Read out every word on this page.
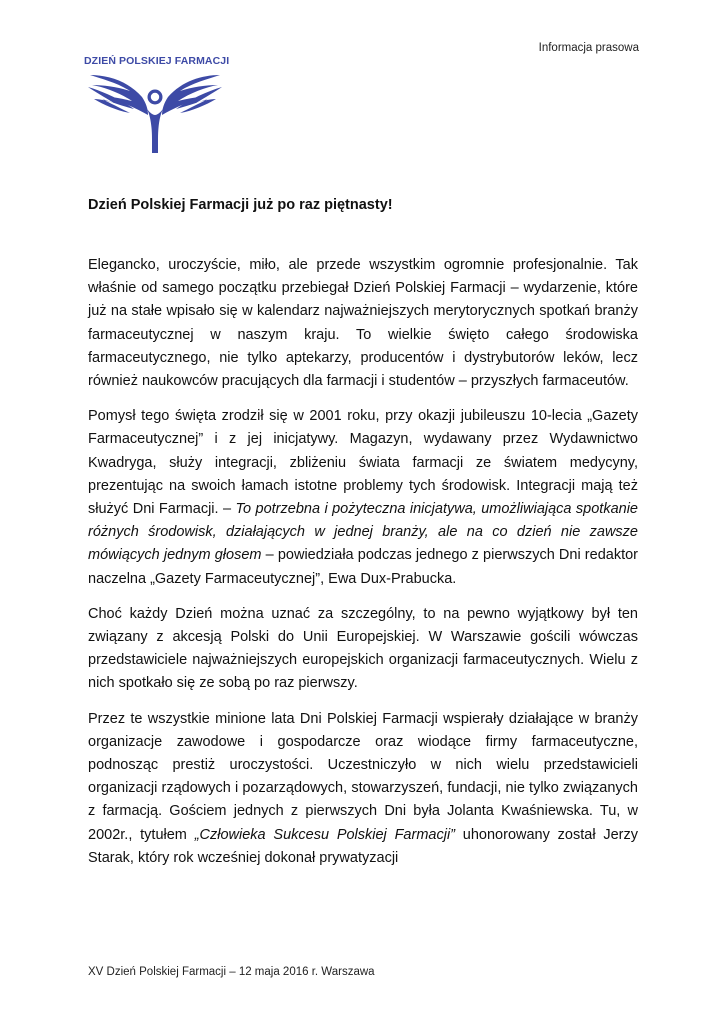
Informacja prasowa
DZIEŃ POLSKIEJ FARMACJI
Dzień Polskiej Farmacji już po raz piętnasty!

Elegancko, uroczyście, miło, ale przede wszystkim ogromnie profesjonalnie. Tak właśnie od samego początku przebiegał Dzień Polskiej Farmacji – wydarzenie, które już na stałe wpisało się w kalendarz najważniejszych merytorycznych spotkań branży farmaceutycznej w naszym kraju. To wielkie święto całego środowiska farmaceutycznego, nie tylko aptekarzy, producentów i dystrybutorów leków, lecz również naukowców pracujących dla farmacji i studentów – przyszłych farmaceutów.

Pomysł tego święta zrodził się w 2001 roku, przy okazji jubileuszu 10-lecia „Gazety Farmaceutycznej” i z jej inicjatywy. Magazyn, wydawany przez Wydawnictwo Kwadryga, służy integracji, zbliżeniu świata farmacji ze światem medycyny, prezentując na swoich łamach istotne problemy tych środowisk. Integracji mają też służyć Dni Farmacji. – To potrzebna i pożyteczna inicjatywa, umożliwiająca spotkanie różnych środowisk, działających w jednej branży, ale na co dzień nie zawsze mówiących jednym głosem – powiedziała podczas jednego z pierwszych Dni redaktor naczelna „Gazety Farmaceutycznej”, Ewa Dux-Prabucka.

Choć każdy Dzień można uznać za szczególny, to na pewno wyjątkowy był ten związany z akcesją Polski do Unii Europejskiej. W Warszawie gościli wówczas przedstawiciele najważniejszych europejskich organizacji farmaceutycznych. Wielu z nich spotkało się ze sobą po raz pierwszy.

Przez te wszystkie minione lata Dni Polskiej Farmacji wspierały działające w branży organizacje zawodowe i gospodarcze oraz wiodące firmy farmaceutyczne, podnosząc prestiż uroczystości. Uczestniczyło w nich wielu przedstawicieli organizacji rządowych i pozarządowych, stowarzyszeń, fundacji, nie tylko związanych z farmacją. Gościem jednych z pierwszych Dni była Jolanta Kwaśniewska. Tu, w 2002r., tytułem „Człowieka Sukcesu Polskiej Farmacji” uhonorowany został Jerzy Starak, który rok wcześniej dokonał prywatyzacji

XV Dzień Polskiej Farmacji – 12 maja 2016 r. Warszawa
